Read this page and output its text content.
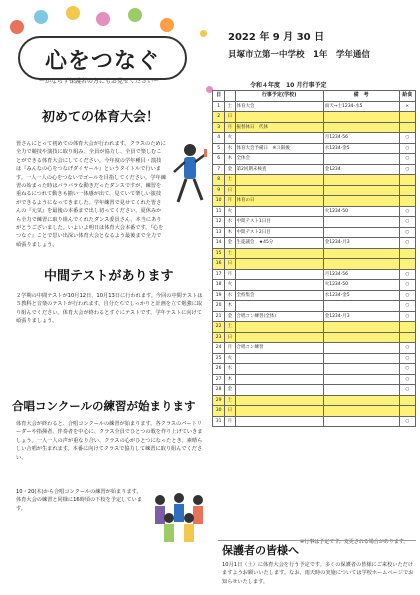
心をつなぐ
〜かならず保護者の方にもお見せください〜
2022 年 9 月 30 日
貝塚市立第一中学校　1年　学年通信
令和４年度　10 月行事予定
日		行事予定(学校)	備　考	給食
1	土	体育大会	雨天→土1234-水5	×
2	日			
3	月	振替休日　代休		
4	火		月1234-56	○
5	水	体育大会予備日　※３限後	水1234-金5	○
6	木	全体会		○
7	金	第2回期末検査	金1234	○
8	土			
9	日			
10	月	体育の日		
11	火		火1234-50	○
12	水	中間テスト1日目		○
13	木	中間テスト2日目		○
14	金	生徒議会　★45分	金1234-月3	○
15	土			
16	日			
17	月		月1234-56	○
18	火		火1234-50	○
19	水	全校集会	水1234-金5	○
20	木			○
21	金	合唱コン練習(全体)	金1234-月3	○
22	土			
23	日			
24	月	合唱コン練習		○
25	火			○
26	水			○
27	木			○
28	金			○
29	土			
30	日			
31	月			○
※行事は予定です。変更される場合があります。
初めての体育大会！
皆さんにとって初めての体育大会が行われます。クラスのために全力で競技や演技に取り組み、全員が協力し、全員で楽しむことができる体育大会にしてください。今年度の学年種目・演技は『みんなの心をつなげダイヤール』というタイトルで行います。一人一人の心をつないでゴールを目指してください。学年練習の始まった時はバラバラな動きだったダンスですが、練習を重ねるにつれて動きも揃い一体感が出て、見ていて楽しい演技ができるようになってきました。学年練習で見せてくれた皆さんの『元気』を最後の本番まで出し切ってください。夏休みから全力で練習に取り組んでくれたダンス委員さん、本当にありがとうございました。いよいよ明日は体育大会本番です。『心をつなぐ』ことで思い出深い体育大会となるよう最後まで全力で頑張りましょう。
中間テストがあります
２学期の中間テストが10月12日、10月13日に行われます。今回の中間テストは５教科と音楽のテストが行われます。自分たちでしっかりと計画を立て勉強に取り組んでください。体育大会が終わるとすぐにテストです。学年テストに向けて頑張りましょう。
合唱コンクールの練習が始まります
体育大会が終わると、合唱コンクールの練習が始まります。各クラスのパートリーダーや指揮者、伴奏者を中心に、クラス全員でひとつの歌を作り上げていきましょう。一人一人の声が重なり合い、クラスの心がひとつになったとき、素晴らしい合唱が生まれます。本番に向けてクラスで協力して練習に取り組んでください。
10・20(木)から合唱コンクールの練習が始まります。体育大会の練習と同様に16時頃の下校を予定しています。
保護者の皆様へ
10月1日（土）に体育大会を行う予定です。多くの保護者の皆様にご来校いただけますようお願いいたします。なお、雨天時の実施については学校ホームページでお知らせいたします。
